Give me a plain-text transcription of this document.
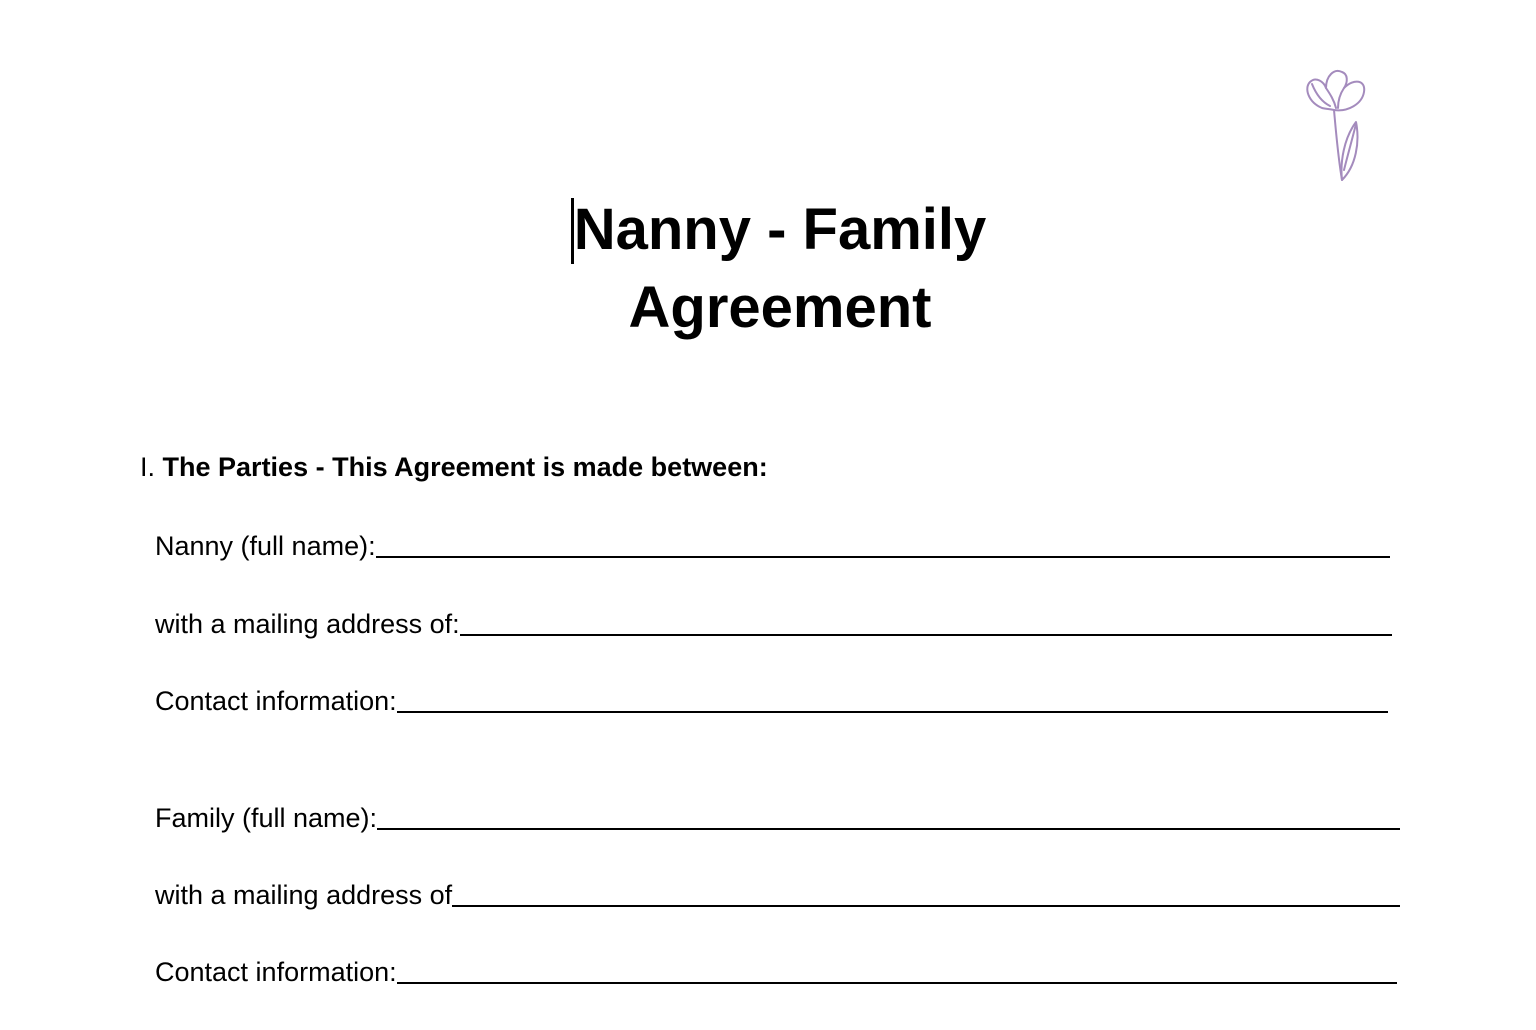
Nanny - Family
Agreement
I. The Parties - This Agreement is made between:
Nanny (full name):
with a mailing address of:
Contact information:
Family (full name):
with a mailing address of
Contact information:
